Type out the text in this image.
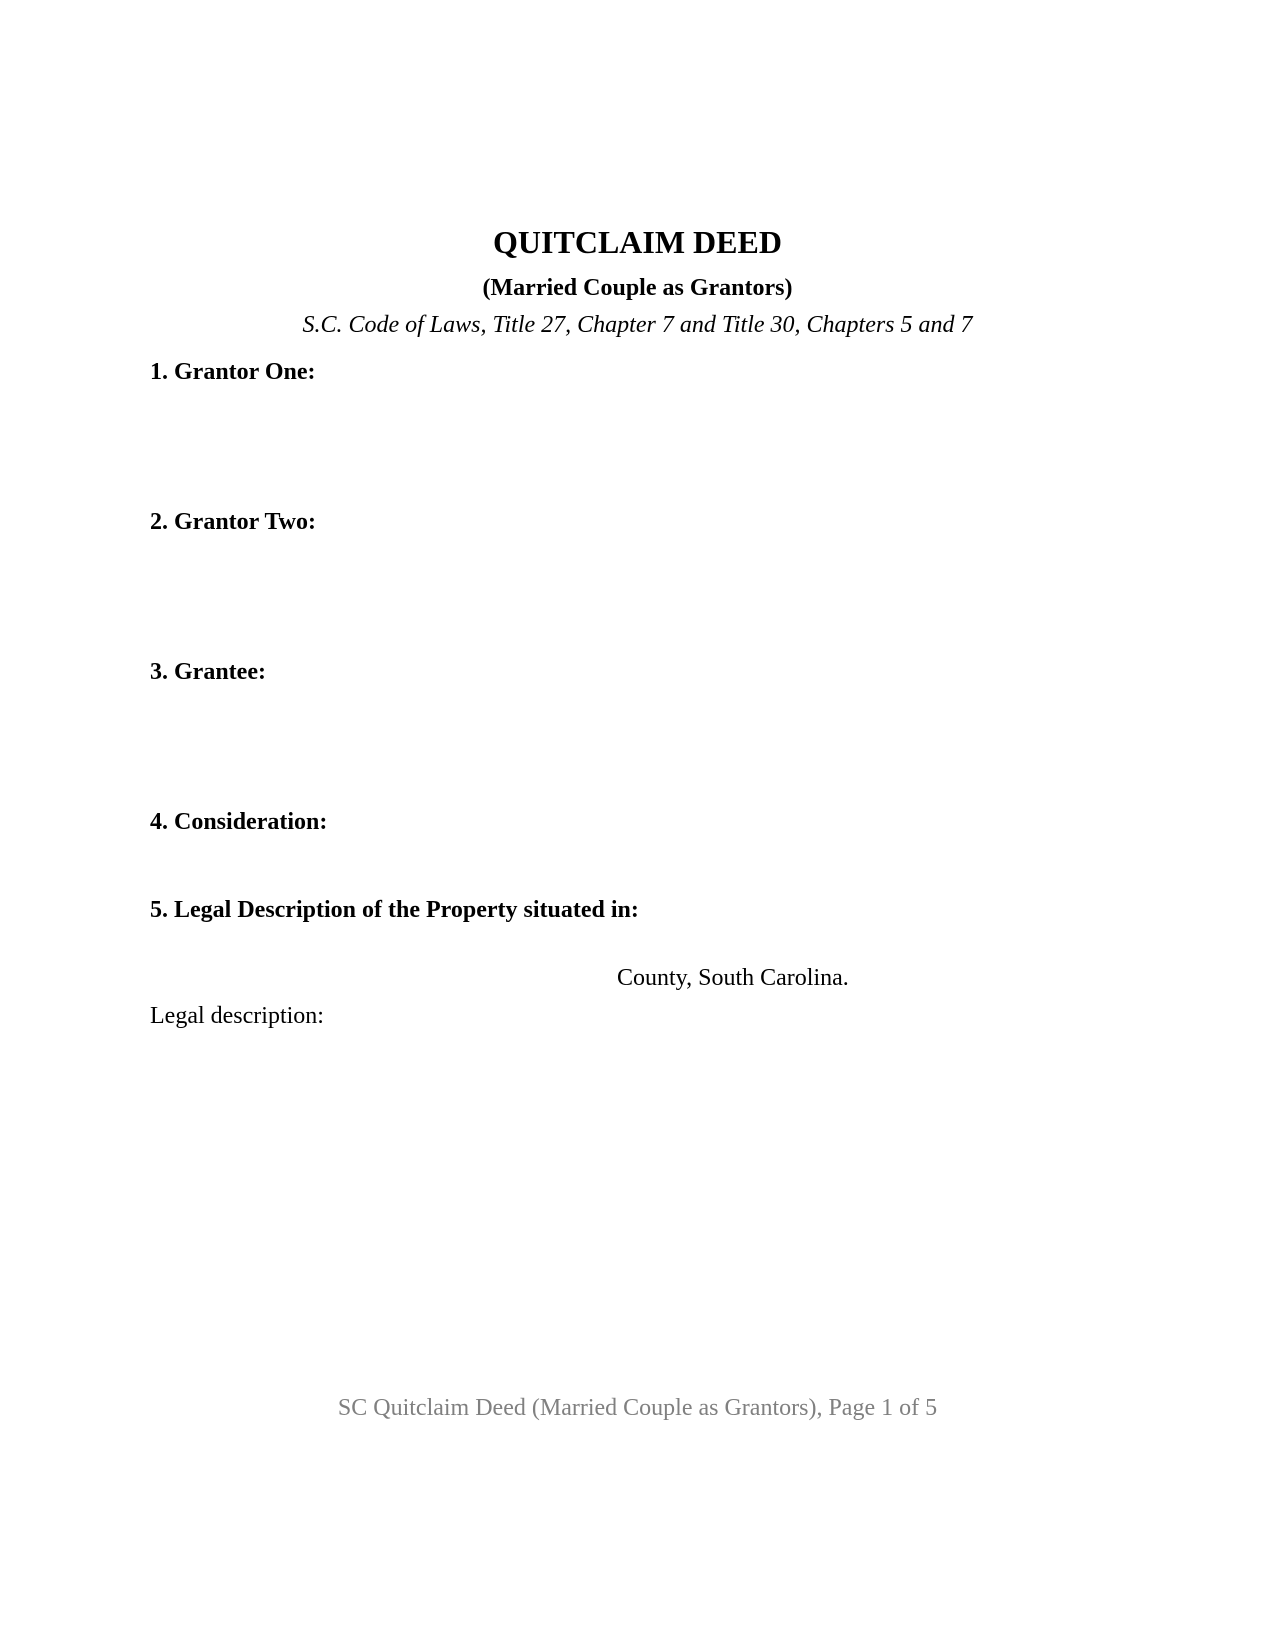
QUITCLAIM DEED
(Married Couple as Grantors)

S.C. Code of Laws, Title 27, Chapter 7 and Title 30, Chapters 5 and 7

1. Grantor One:

2. Grantor Two:

3. Grantee:

4. Consideration:

5. Legal Description of the Property situated in:

County, South Carolina.

Legal description:

SC Quitclaim Deed (Married Couple as Grantors), Page 1 of 5
